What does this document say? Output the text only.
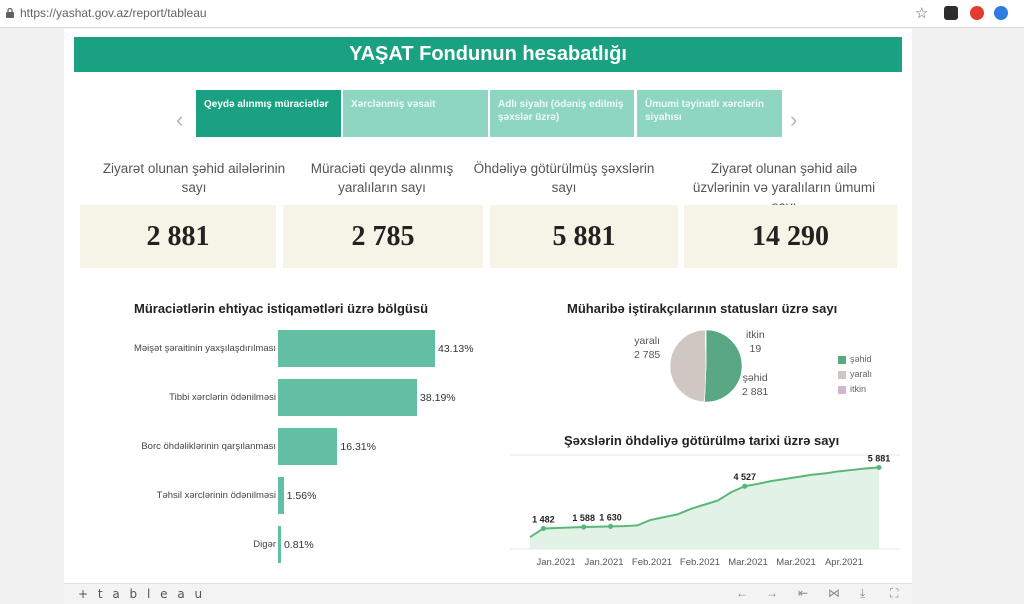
https://yashat.gov.az/report/tableau	☆
YAŞAT Fondunun hesabatlığı
‹
Qeydə alınmış müraciətlər	Xərclənmiş vəsait	Adlı siyahı (ödəniş edilmiş şəxslər üzrə)
Ümumi təyinatlı xərclərin siyahısı	›
Ziyarət olunan şəhid ailələrinin sayı
Müraciəti qeydə alınmış yaralıların sayı
Öhdəliyə götürülmüş şəxslərin sayı
Ziyarət olunan şəhid ailə üzvlərinin və yaralıların ümumi
2 881	2 785	5 881	14 290
Müraciətlərin ehtiyac istiqamətləri üzrə bölgüsü
Məişət şəraitinin yaxşılaşdırılması	43.13%
Tibbi xərclərin ödənilməsi	38.19%
Borc öhdəliklərinin qarşılanması	16.31%
Təhsil xərclərinin ödənilməsi 1.56%
Digər 0.81%
Müharibə iştirakçılarının statusları üzrə sayı
yaralı
2 785
itkin
19
şəhid
2 881
şəhid
yaralı
itkin
Şəxslərin öhdəliyə götürülmə tarixi üzrə sayı
1 482 1 588 1 630
4 527
5 881
Jan.2021 Jan.2021 Feb.2021 Feb.2021 Mar.2021 Mar.2021 Apr.2021
+ t a b l e a u	← → ⇤ ⋈ ⤓ ⛶
